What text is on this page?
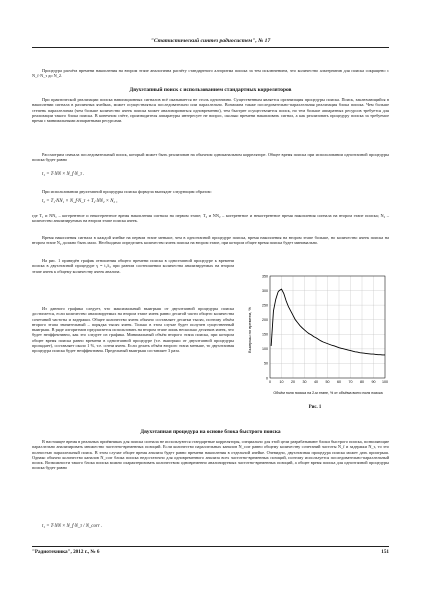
"Статистический синтез радиосистем", № 17

Процедура расчёта времени накопления на втором этапе аналогична расчёту стандартного алгоритма поиска за тем исключением, что количество альтернатив для поиска сокращено с N_f·N_τ до N_2.

Двухэтапный поиск с использованием стандартных корреляторов

При практической реализации поиска навигационных сигналов всё оказывается не столь однозначно. Существенным является организация процедуры поиска. Поиск, заключающийся в накоплении сигнала в различных ячейках, может осуществляться последовательно или параллельно. Возможна также последовательно-параллельная реализация блока поиска. Чем больше степень параллелизма (чем больше количество ячеек поиска может анализироваться одновременно), тем быстрее осуществляется поиск, но тем больше аппаратных ресурсов требуется для реализации такого блока поиска. В конечном счёте, производителя аппаратуры интересует не вопрос, сколько времени накапливать сигнал, а как реализовать процедуру поиска за требуемое время с минимальными аппаратными ресурсами.

Рассмотрим сначала последовательный поиск, который может быть реализован на обычном одноканальном корреляторе. Общее время поиска при использовании одноэтапной процедуры поиска будет равно

t₁ = T·NN × N_f·N_τ .

При использовании двухэтапной процедуры поиска формула выглядит следующим образом:

t₂ = T₁·NN₁ × N_f·N_τ + T₂·NN₂ × N₂ ,

где T₁ и NN₁ – когерентное и некогерентное время накопления сигнала на первом этапе; T₂ и NN₂ – когерентное и некогерентное время накопления сигнала на втором этапе поиска; N₂ – количество анализируемых на втором этапе поиска ячеек.

Время накопления сигнала в каждой ячейке на первом этапе меньше, чем в одноэтапной процедуре поиска, время накопления на втором этапе больше, но количество ячеек поиска на втором этапе N₂ должно быть мало. Необходимо определить количество ячеек поиска на втором этапе, при котором общее время поиска будет минимально.

На рис. 1 приведён график отношения общего времени поиска в одноэтапной процедуре к времени поиска в двухэтапной процедуре γ = t₁/t₂ при разном соотношении количества анализируемых на втором этапе ячеек к общему количеству ячеек анализа.

Из данного графика следует, что максимальный выигрыш от двухэтапной процедуры поиска достигается, если количество анализируемых на втором этапе ячеек равно десятой части общего количества сочетаний частоты и задержки. Общее количество ячеек обычно составляет десятки тысяч, поэтому объём второго этапа значительный – порядка тысяч ячеек. Только в этом случае будет получен существенный выигрыш. В ряде алгоритмов предлагается использовать на втором этапе лишь несколько десятков ячеек, что будет неэффективно, как это следует из графика. Минимальный объём второго этапа поиска, при котором общее время поиска равно времени в одноэтапной процедуре (т.е. выигрыш от двухэтапной процедуры пропадает), составляет около 1 %, т.е. сотни ячеек. Если делать объём второго этапа меньше, то двухэтапная процедура поиска будет неэффективна. Предельный выигрыш составляет 3 раза.

0
50
100
150
200
250
300
350
0 10 20 30 40 50 60 70 80 90 100
Выигрыш по времени, %
Объём поля поиска на 2-м этапе, % от объёма всего поля поиска
Рис. 1

Двухэтапная процедура на основе блока быстрого поиска

В настоящее время в реальных приёмниках для поиска сигнала не используются стандартные корреляторы, специально для этой цели разрабатывают блоки быстрого поиска, позволяющие параллельно анализировать множество частотно-временных позиций. Если количество параллельных каналов N_corr равно общему количеству сочетаний частоты N_f и задержки N_τ, то это полностью параллельный поиск. В этом случае общее время анализа будет равно времени накопления в отдельной ячейке. Очевидно, двухэтапная процедура поиска может дать проигрыш. Однако обычно количество каналов N_corr блока поиска недостаточно для одновременного анализа всех частотно-временных позиций, поэтому используется последовательно-параллельный поиск. Возможности такого блока поиска можно охарактеризовать количеством одновременно анализируемых частотно-временных позиций, а общее время поиска для одноэтапной процедуры поиска будет равно

t₁ = T·NN × N_f·N_τ / N_corr .

"Радиотехника", 2012 г., № 6	151
